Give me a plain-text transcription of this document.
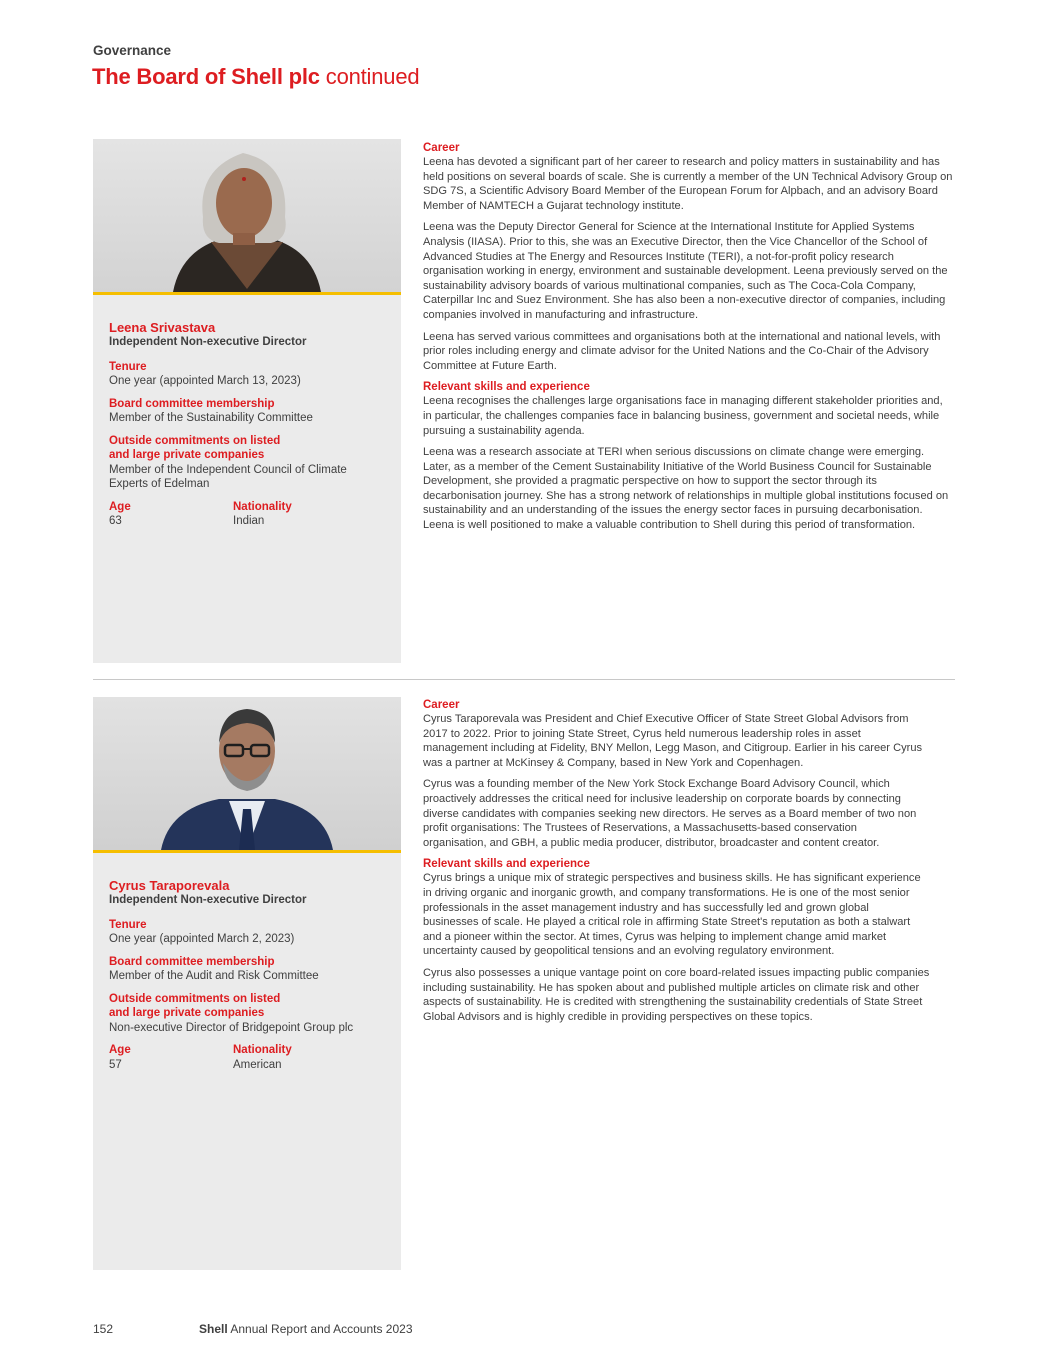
Governance
The Board of Shell plc continued
Leena Srivastava
Independent Non-executive Director
Tenure
One year (appointed March 13, 2023)
Board committee membership
Member of the Sustainability Committee
Outside commitments on listed
and large private companies
Member of the Independent Council of Climate Experts of Edelman
Age
63
Nationality
Indian
Career

Leena has devoted a significant part of her career to research and policy matters in sustainability and has held positions on several boards of scale. She is currently a member of the UN Technical Advisory Group on SDG 7S, a Scientific Advisory Board Member of the European Forum for Alpbach, and an advisory Board Member of NAMTECH a Gujarat technology institute.

Leena was the Deputy Director General for Science at the International Institute for Applied Systems Analysis (IIASA). Prior to this, she was an Executive Director, then the Vice Chancellor of the School of Advanced Studies at The Energy and Resources Institute (TERI), a not-for-profit policy research organisation working in energy, environment and sustainable development. Leena previously served on the sustainability advisory boards of various multinational companies, such as The Coca-Cola Company, Caterpillar Inc and Suez Environment. She has also been a non-executive director of companies, including companies involved in manufacturing and infrastructure.

Leena has served various committees and organisations both at the international and national levels, with prior roles including energy and climate advisor for the United Nations and the Co-Chair of the Advisory Committee at Future Earth.

Relevant skills and experience

Leena recognises the challenges large organisations face in managing different stakeholder priorities and, in particular, the challenges companies face in balancing business, government and societal needs, while pursuing a sustainability agenda.

Leena was a research associate at TERI when serious discussions on climate change were emerging. Later, as a member of the Cement Sustainability Initiative of the World Business Council for Sustainable Development, she provided a pragmatic perspective on how to support the sector through its decarbonisation journey. She has a strong network of relationships in multiple global institutions focused on sustainability and an understanding of the issues the energy sector faces in pursuing decarbonisation. Leena is well positioned to make a valuable contribution to Shell during this period of transformation.

Cyrus Taraporevala
Independent Non-executive Director
Tenure
One year (appointed March 2, 2023)
Board committee membership
Member of the Audit and Risk Committee
Outside commitments on listed
and large private companies
Non-executive Director of Bridgepoint Group plc
Age
57
Nationality
American
Career

Cyrus Taraporevala was President and Chief Executive Officer of State Street Global Advisors from 2017 to 2022. Prior to joining State Street, Cyrus held numerous leadership roles in asset management including at Fidelity, BNY Mellon, Legg Mason, and Citigroup. Earlier in his career Cyrus was a partner at McKinsey & Company, based in New York and Copenhagen.

Cyrus was a founding member of the New York Stock Exchange Board Advisory Council, which proactively addresses the critical need for inclusive leadership on corporate boards by connecting diverse candidates with companies seeking new directors. He serves as a Board member of two non profit organisations: The Trustees of Reservations, a Massachusetts-based conservation organisation, and GBH, a public media producer, distributor, broadcaster and content creator.

Relevant skills and experience

Cyrus brings a unique mix of strategic perspectives and business skills. He has significant experience in driving organic and inorganic growth, and company transformations. He is one of the most senior professionals in the asset management industry and has successfully led and grown global businesses of scale. He played a critical role in affirming State Street's reputation as both a stalwart and a pioneer within the sector. At times, Cyrus was helping to implement change amid market uncertainty caused by geopolitical tensions and an evolving regulatory environment.

Cyrus also possesses a unique vantage point on core board-related issues impacting public companies including sustainability. He has spoken about and published multiple articles on climate risk and other aspects of sustainability. He is credited with strengthening the sustainability credentials of State Street Global Advisors and is highly credible in providing perspectives on these topics.

152	Shell Annual Report and Accounts 2023
